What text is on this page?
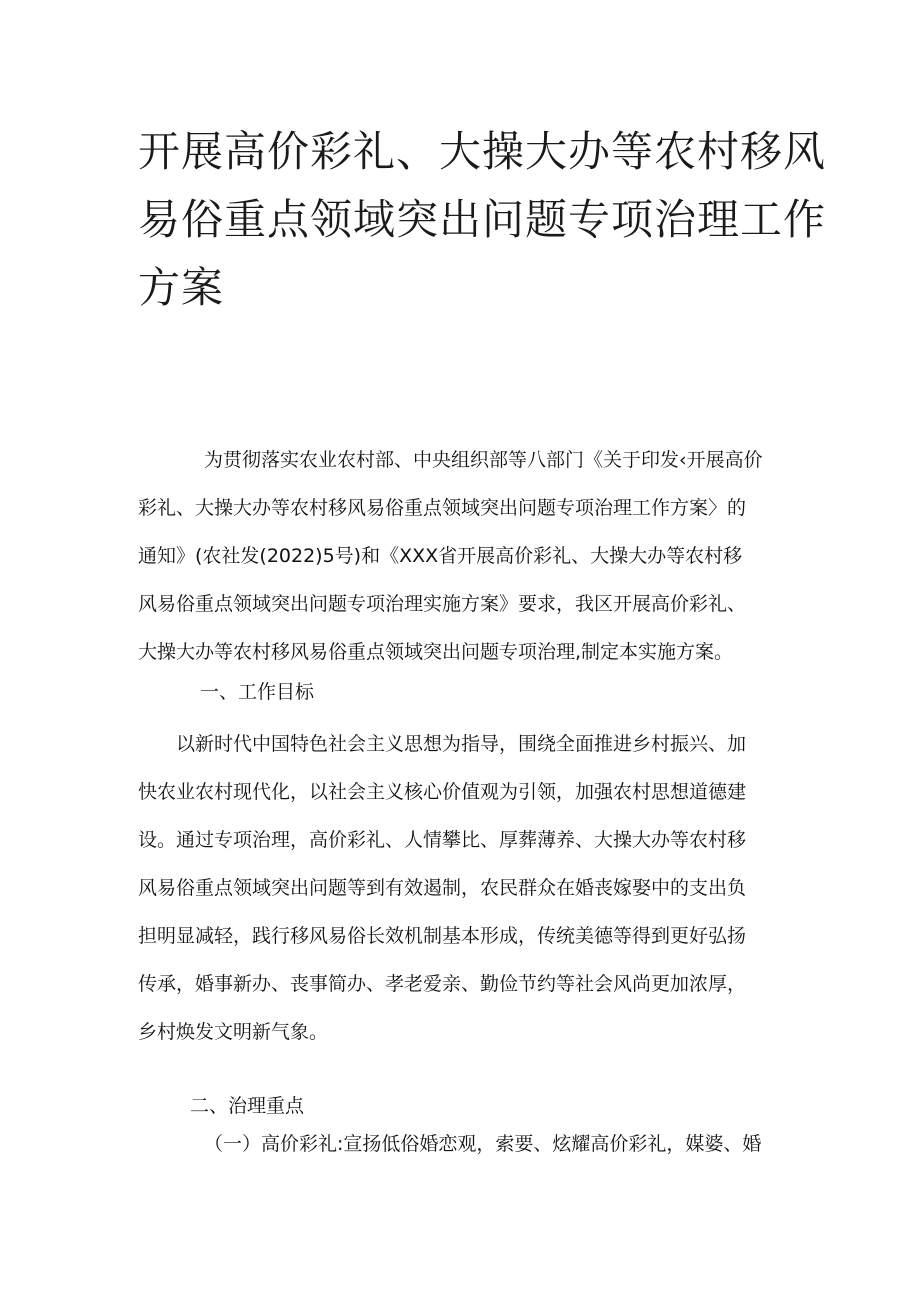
开展高价彩礼、大操大办等农村移风
易俗重点领域突出问题专项治理工作
方案

为贯彻落实农业农村部、中央组织部等八部门《关于印发‹开展高价
彩礼、大操大办等农村移风易俗重点领域突出问题专项治理工作方案〉的
通知》(农社发(2022)5号)和《XXX省开展高价彩礼、大操大办等农村移
风易俗重点领域突出问题专项治理实施方案》要求，我区开展高价彩礼、
大操大办等农村移风易俗重点领域突出问题专项治理,制定本实施方案。

一、工作目标

以新时代中国特色社会主义思想为指导，围绕全面推进乡村振兴、加
快农业农村现代化，以社会主义核心价值观为引领，加强农村思想道德建
设。通过专项治理，高价彩礼、人情攀比、厚葬薄养、大操大办等农村移
风易俗重点领域突出问题等到有效遏制，农民群众在婚丧嫁娶中的支出负
担明显减轻，践行移风易俗长效机制基本形成，传统美德等得到更好弘扬
传承，婚事新办、丧事简办、孝老爱亲、勤俭节约等社会风尚更加浓厚，
乡村焕发文明新气象。

二、治理重点
（一）高价彩礼:宣扬低俗婚恋观，索要、炫耀高价彩礼，媒婆、婚
